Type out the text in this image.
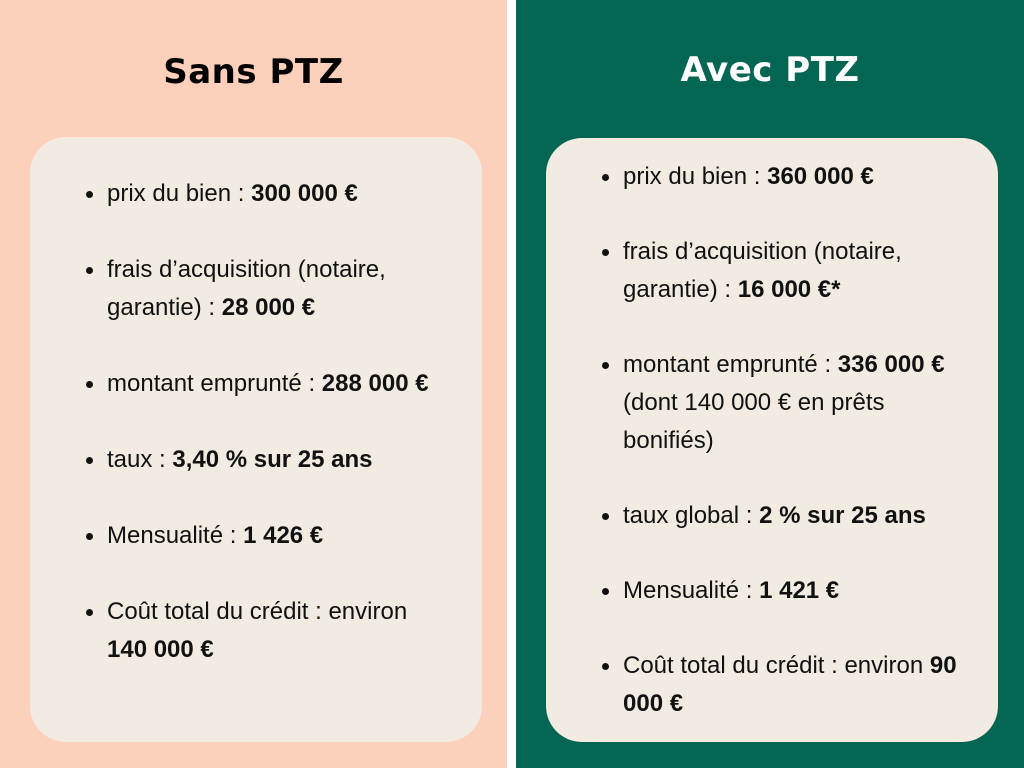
Sans PTZ
prix du bien : 300 000 €
frais d’acquisition (notaire, garantie) : 28 000 €
montant emprunté : 288 000 €
taux : 3,40 % sur 25 ans
Mensualité : 1 426 €
Coût total du crédit : environ 140 000 €
Avec PTZ
prix du bien : 360 000 €
frais d’acquisition (notaire, garantie) : 16 000 €*
montant emprunté : 336 000 € (dont 140 000 € en prêts bonifiés)
taux global : 2 % sur 25 ans
Mensualité : 1 421 €
Coût total du crédit : environ 90 000 €
